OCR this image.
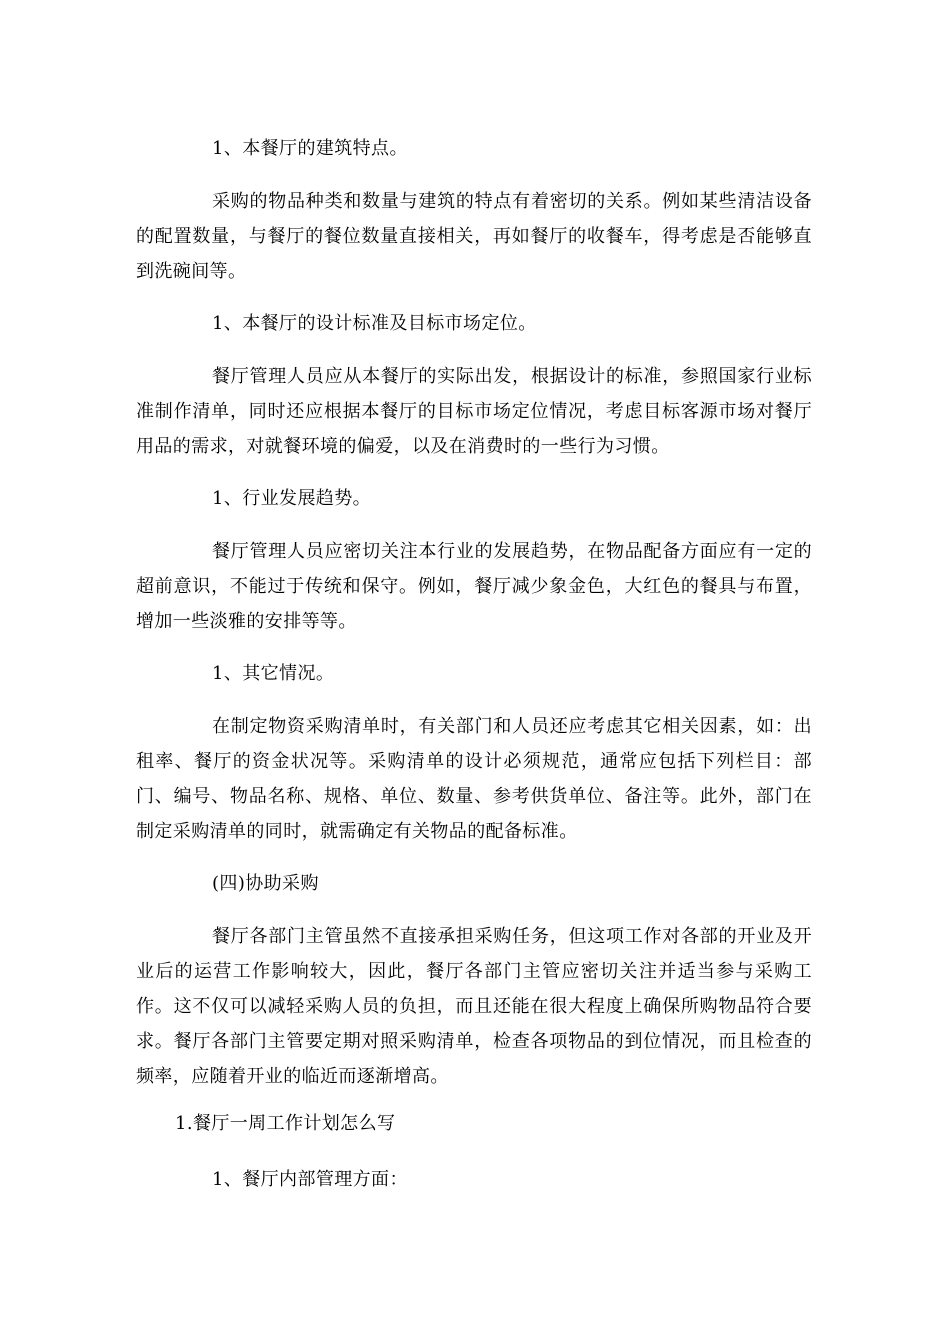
1、本餐厅的建筑特点。

采购的物品种类和数量与建筑的特点有着密切的关系。例如某些清洁设备的配置数量，与餐厅的餐位数量直接相关，再如餐厅的收餐车，得考虑是否能够直到洗碗间等。

1、本餐厅的设计标准及目标市场定位。

餐厅管理人员应从本餐厅的实际出发，根据设计的标准，参照国家行业标准制作清单，同时还应根据本餐厅的目标市场定位情况，考虑目标客源市场对餐厅用品的需求，对就餐环境的偏爱，以及在消费时的一些行为习惯。

1、行业发展趋势。

餐厅管理人员应密切关注本行业的发展趋势，在物品配备方面应有一定的超前意识，不能过于传统和保守。例如，餐厅减少象金色，大红色的餐具与布置，增加一些淡雅的安排等等。

1、其它情况。

在制定物资采购清单时，有关部门和人员还应考虑其它相关因素，如：出租率、餐厅的资金状况等。采购清单的设计必须规范，通常应包括下列栏目：部门、编号、物品名称、规格、单位、数量、参考供货单位、备注等。此外，部门在制定采购清单的同时，就需确定有关物品的配备标准。

(四)协助采购

餐厅各部门主管虽然不直接承担采购任务，但这项工作对各部的开业及开业后的运营工作影响较大，因此，餐厅各部门主管应密切关注并适当参与采购工作。这不仅可以减轻采购人员的负担，而且还能在很大程度上确保所购物品符合要求。餐厅各部门主管要定期对照采购清单，检查各项物品的到位情况，而且检查的频率，应随着开业的临近而逐渐增高。

1.餐厅一周工作计划怎么写

1、餐厅内部管理方面：
